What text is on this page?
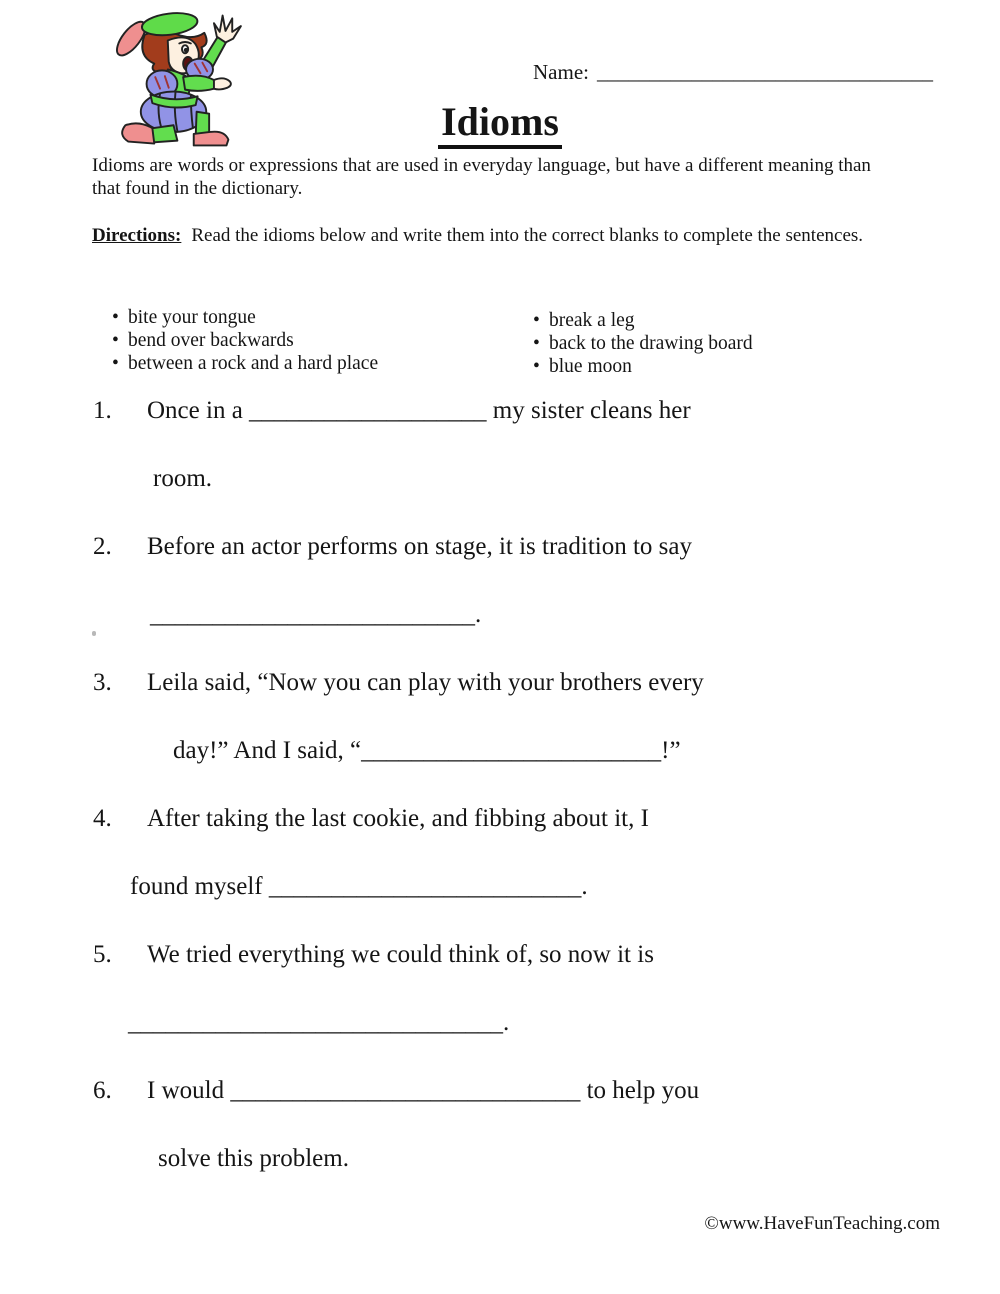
Name: ________________________________
Idioms

Idioms are words or expressions that are used in everyday language, but have a different meaning than that found in the dictionary.

Directions: Read the idioms below and write them into the correct blanks to complete the sentences.

• bite your tongue
• bend over backwards
• between a rock and a hard place
• break a leg
• back to the drawing board
• blue moon
1. Once in a ___________________ my sister cleans her
room.
2. Before an actor performs on stage, it is tradition to say
__________________________.
3. Leila said, “Now you can play with your brothers every
day!” And I said, “________________________!”
4. After taking the last cookie, and fibbing about it, I
found myself _________________________.
5. We tried everything we could think of, so now it is
______________________________.
6. I would ____________________________ to help you
solve this problem.
©www.HaveFunTeaching.com
